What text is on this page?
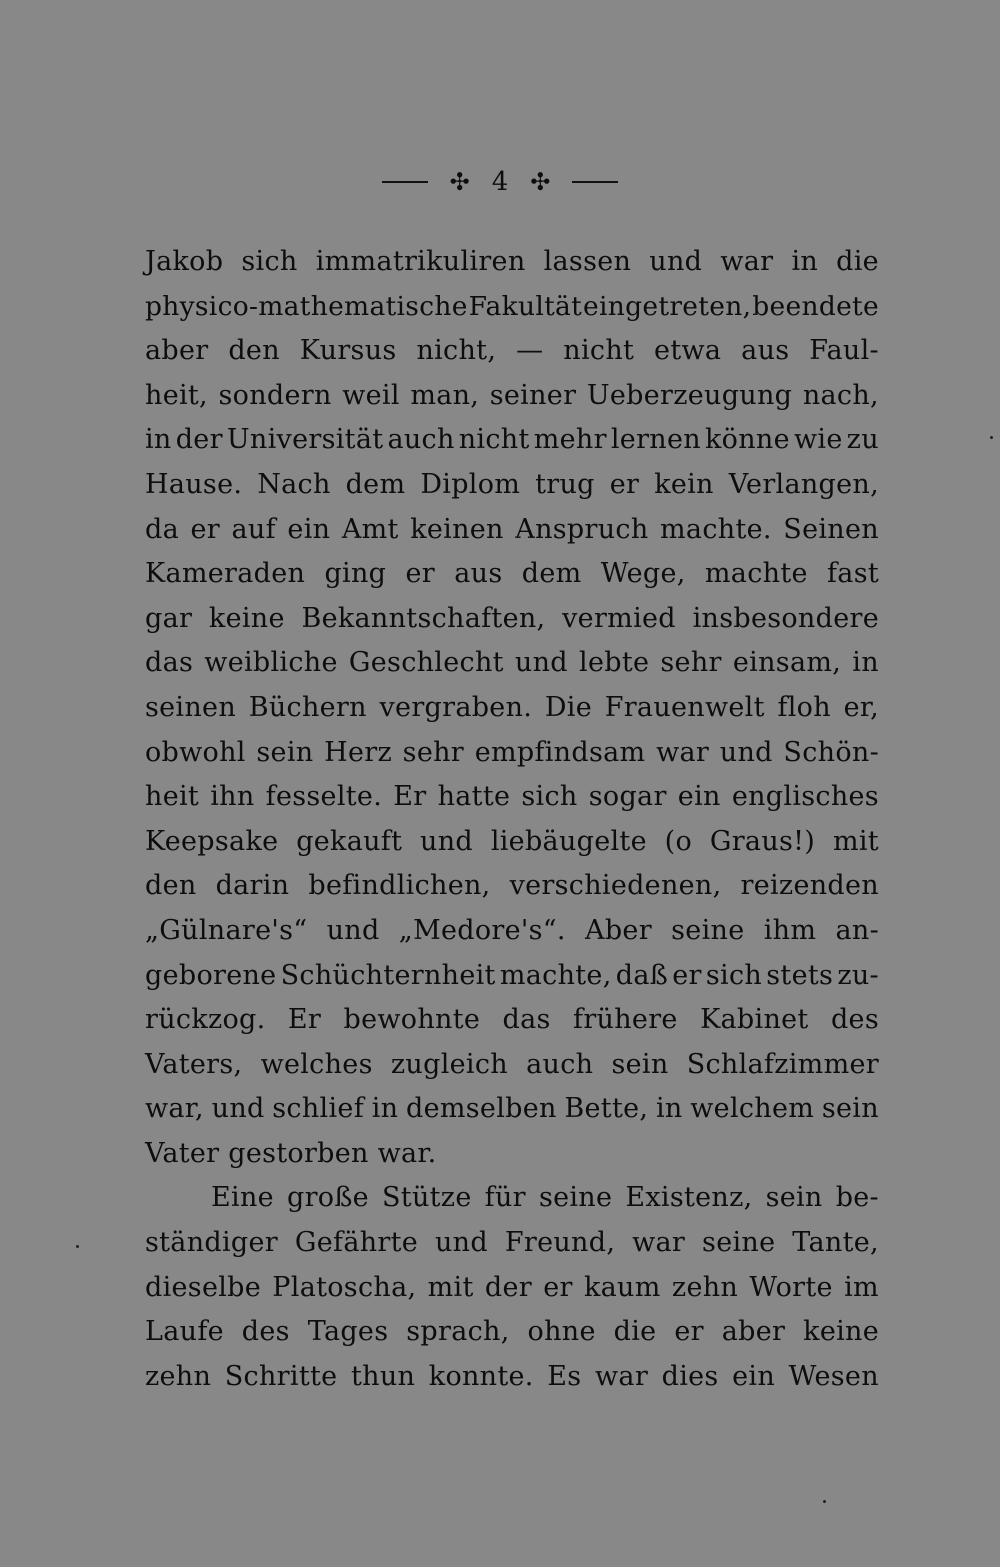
✣ 4 ✣
Jakob sich immatrikuliren lassen und war in die
physico-mathematische Fakultät eingetreten, beendete
aber den Kursus nicht, — nicht etwa aus Faul-
heit, sondern weil man, seiner Ueberzeugung nach,
in der Universität auch nicht mehr lernen könne wie zu
Hause. Nach dem Diplom trug er kein Verlangen,
da er auf ein Amt keinen Anspruch machte. Seinen
Kameraden ging er aus dem Wege, machte fast
gar keine Bekanntschaften, vermied insbesondere
das weibliche Geschlecht und lebte sehr einsam, in
seinen Büchern vergraben. Die Frauenwelt floh er,
obwohl sein Herz sehr empfindsam war und Schön-
heit ihn fesselte. Er hatte sich sogar ein englisches
Keepsake gekauft und liebäugelte (o Graus!) mit
den darin befindlichen, verschiedenen, reizenden
„Gülnare's“ und „Medore's“. Aber seine ihm an-
geborene Schüchternheit machte, daß er sich stets zu-
rückzog. Er bewohnte das frühere Kabinet des
Vaters, welches zugleich auch sein Schlafzimmer
war, und schlief in demselben Bette, in welchem sein
Vater gestorben war.
Eine große Stütze für seine Existenz, sein be-
ständiger Gefährte und Freund, war seine Tante,
dieselbe Platoscha, mit der er kaum zehn Worte im
Laufe des Tages sprach, ohne die er aber keine
zehn Schritte thun konnte. Es war dies ein Wesen
